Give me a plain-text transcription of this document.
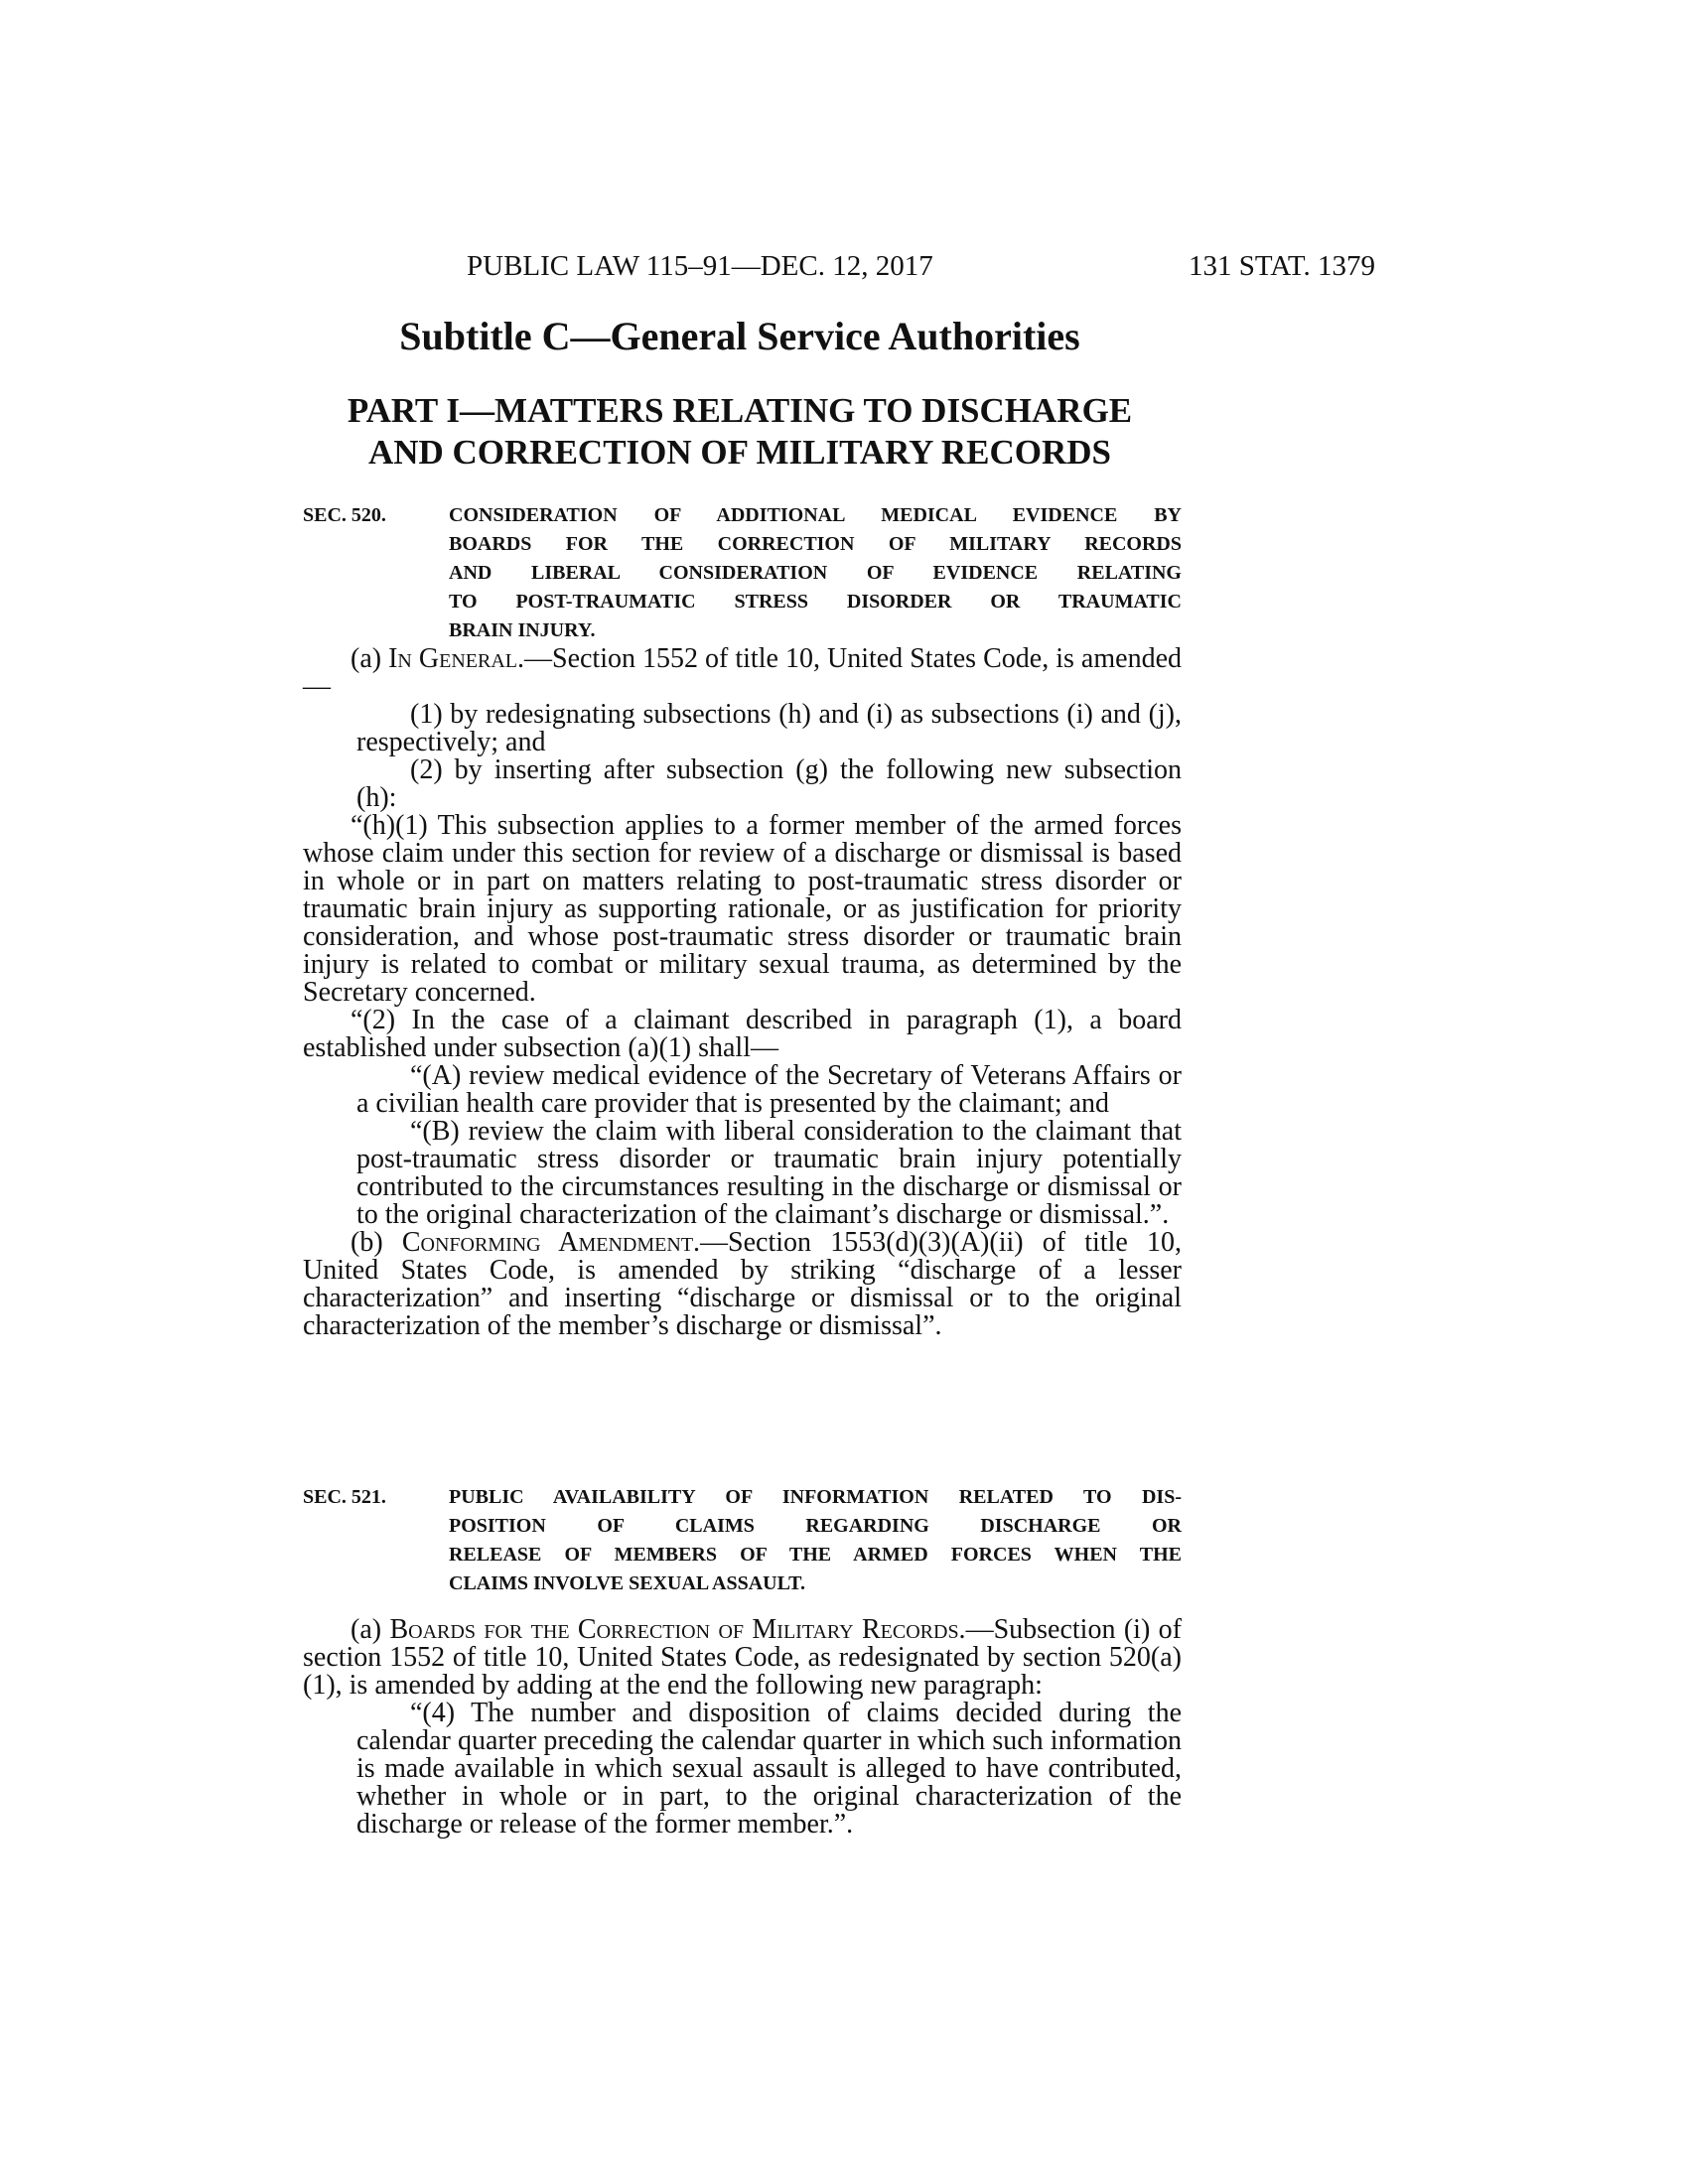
PUBLIC LAW 115–91—DEC. 12, 2017	131 STAT. 1379
Subtitle C—General Service Authorities
PART I—MATTERS RELATING TO DISCHARGE
AND CORRECTION OF MILITARY RECORDS
SEC. 520.	CONSIDERATION OF ADDITIONAL MEDICAL EVIDENCE BY
BOARDS FOR THE CORRECTION OF MILITARY RECORDS
AND LIBERAL CONSIDERATION OF EVIDENCE RELATING
TO POST-TRAUMATIC STRESS DISORDER OR TRAUMATIC
BRAIN INJURY.

(a) In General.—Section 1552 of title 10, United States Code, is amended—

(1) by redesignating subsections (h) and (i) as subsections (i) and (j), respectively; and

(2) by inserting after subsection (g) the following new subsection (h):

“(h)(1) This subsection applies to a former member of the armed forces whose claim under this section for review of a discharge or dismissal is based in whole or in part on matters relating to post-traumatic stress disorder or traumatic brain injury as supporting rationale, or as justification for priority consideration, and whose post-traumatic stress disorder or traumatic brain injury is related to combat or military sexual trauma, as determined by the Secretary concerned.

“(2) In the case of a claimant described in paragraph (1), a board established under subsection (a)(1) shall—

“(A) review medical evidence of the Secretary of Veterans Affairs or a civilian health care provider that is presented by the claimant; and

“(B) review the claim with liberal consideration to the claimant that post-traumatic stress disorder or traumatic brain injury potentially contributed to the circumstances resulting in the discharge or dismissal or to the original characterization of the claimant’s discharge or dismissal.”.

(b) Conforming Amendment.—Section 1553(d)(3)(A)(ii) of title 10, United States Code, is amended by striking “discharge of a lesser characterization” and inserting “discharge or dismissal or to the original characterization of the member’s discharge or dismissal”.

SEC. 521.	PUBLIC AVAILABILITY OF INFORMATION RELATED TO DIS-
POSITION OF CLAIMS REGARDING DISCHARGE OR
RELEASE OF MEMBERS OF THE ARMED FORCES WHEN THE
CLAIMS INVOLVE SEXUAL ASSAULT.

(a) Boards for the Correction of Military Records.—Subsection (i) of section 1552 of title 10, United States Code, as redesignated by section 520(a)(1), is amended by adding at the end the following new paragraph:

“(4) The number and disposition of claims decided during the calendar quarter preceding the calendar quarter in which such information is made available in which sexual assault is alleged to have contributed, whether in whole or in part, to the original characterization of the discharge or release of the former member.”.
